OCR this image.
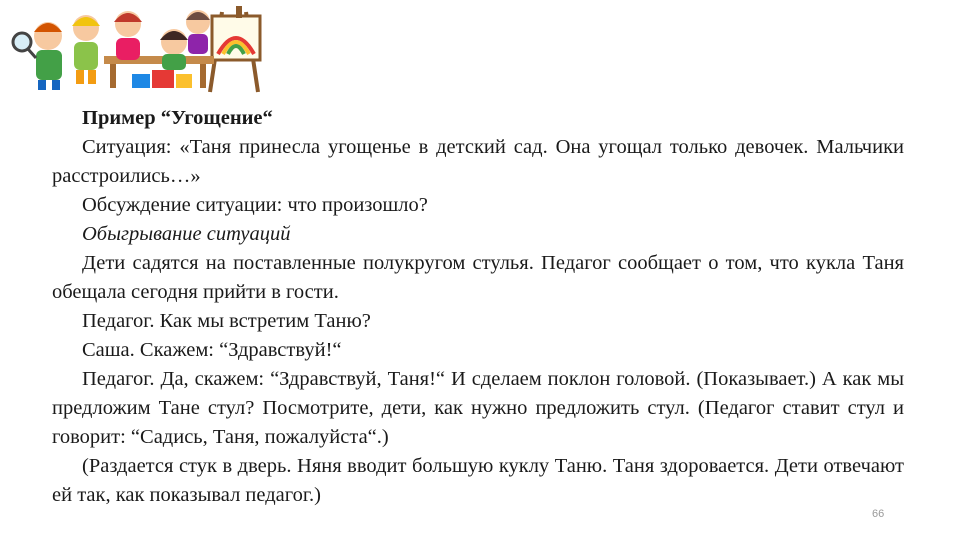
Пример “Угощение“

Ситуация: «Таня принесла угощенье в детский сад. Она угощал только девочек. Мальчики расстроились…»

Обсуждение ситуации: что произошло?

Обыгрывание ситуаций

Дети садятся на поставленные полукругом стулья. Педагог сообщает о том, что кукла Таня обещала сегодня прийти в гости.

Педагог. Как мы встретим Таню?

Саша. Скажем: “Здравствуй!“

Педагог. Да, скажем: “Здравствуй, Таня!“ И сделаем поклон головой. (Показывает.) А как мы предложим Тане стул? Посмотрите, дети, как нужно предложить стул. (Педагог ставит стул и говорит: “Садись, Таня, пожалуйста“.)

(Раздается стук в дверь. Няня вводит большую куклу Таню. Таня здоровается. Дети отвечают ей так, как показывал педагог.)

66
